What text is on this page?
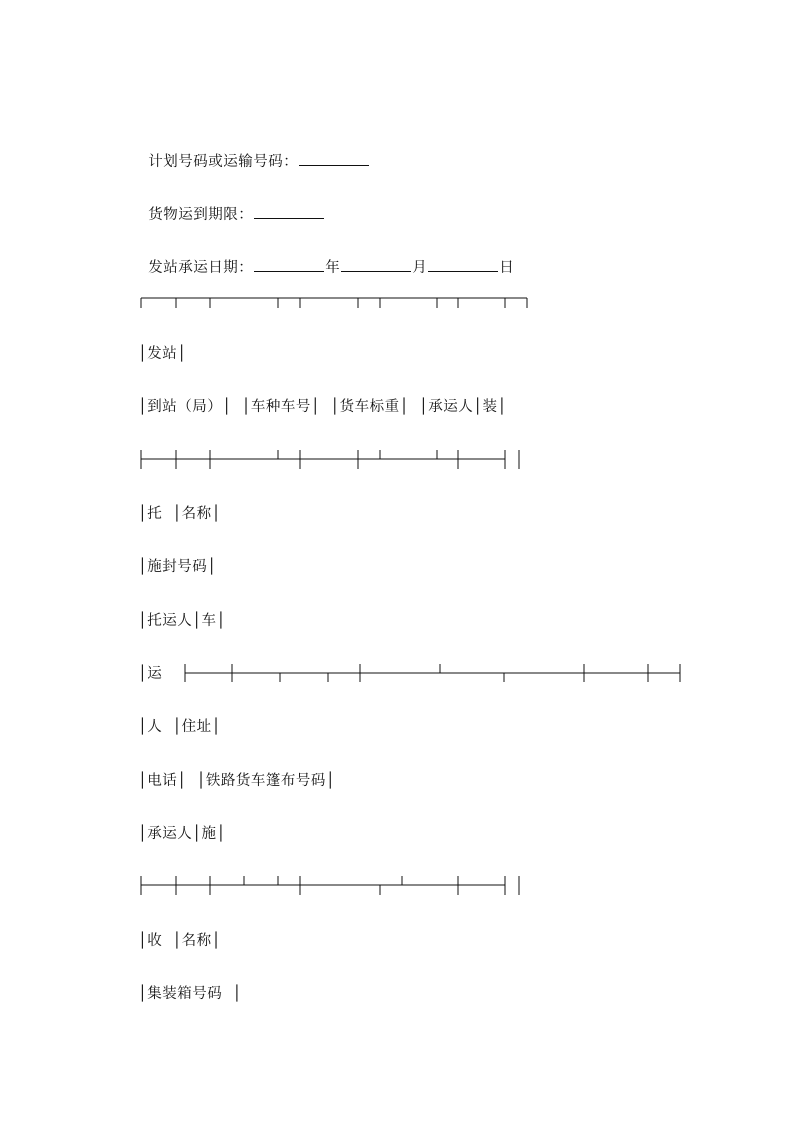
计划号码或运输号码：

货物运到期限：

发站承运日期：	年	月	日

│发站│
│到站（局）│  │车种车号│  │货车标重│  │承运人│装│
│托  │名称│
│施封号码│
│托运人│车│
│运
│人  │住址│
│电话│  │铁路货车篷布号码│
│承运人│施│
│收  │名称│
│集装箱号码  │
